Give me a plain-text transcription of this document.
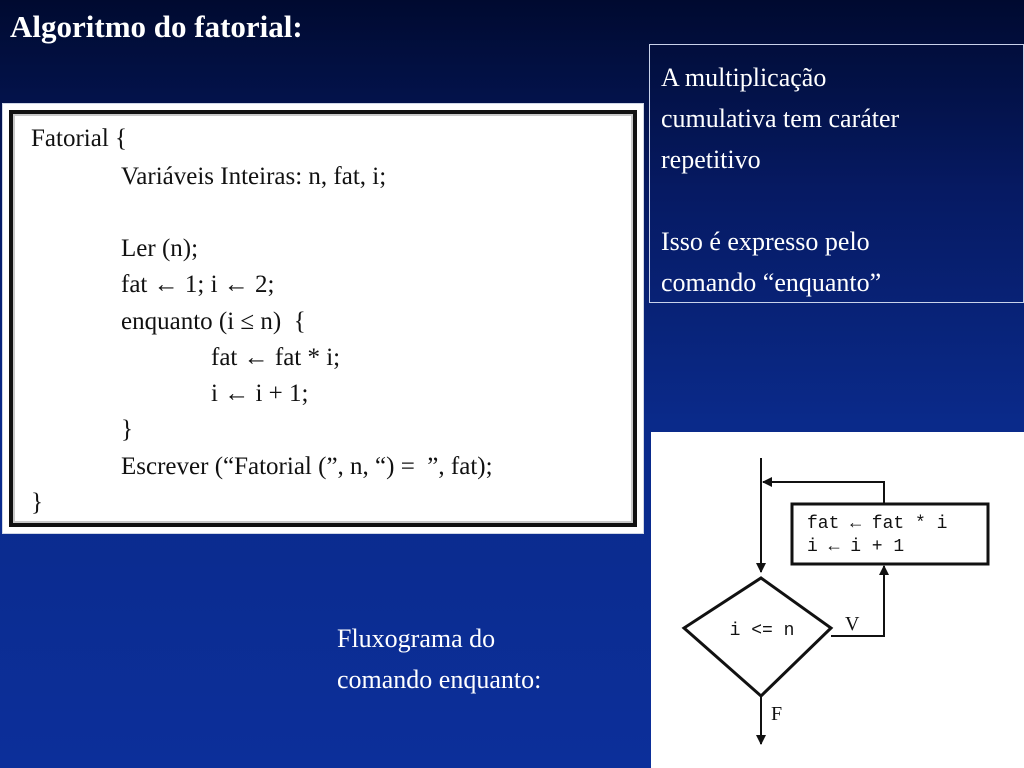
Algoritmo do fatorial:
Fatorial {
Variáveis Inteiras: n, fat, i;
Ler (n);
fat ← 1; i ← 2;
enquanto (i ≤ n)  {
fat ← fat * i;
i ← i + 1;
}
Escrever (“Fatorial (”, n, “) =  ”, fat);
}

A multiplicação

cumulativa tem caráter

repetitivo

Isso é expresso pelo

comando “enquanto”

Fluxograma do
comando enquanto:
fat ← fat * i
i ← i + 1
i <= n	V
F
